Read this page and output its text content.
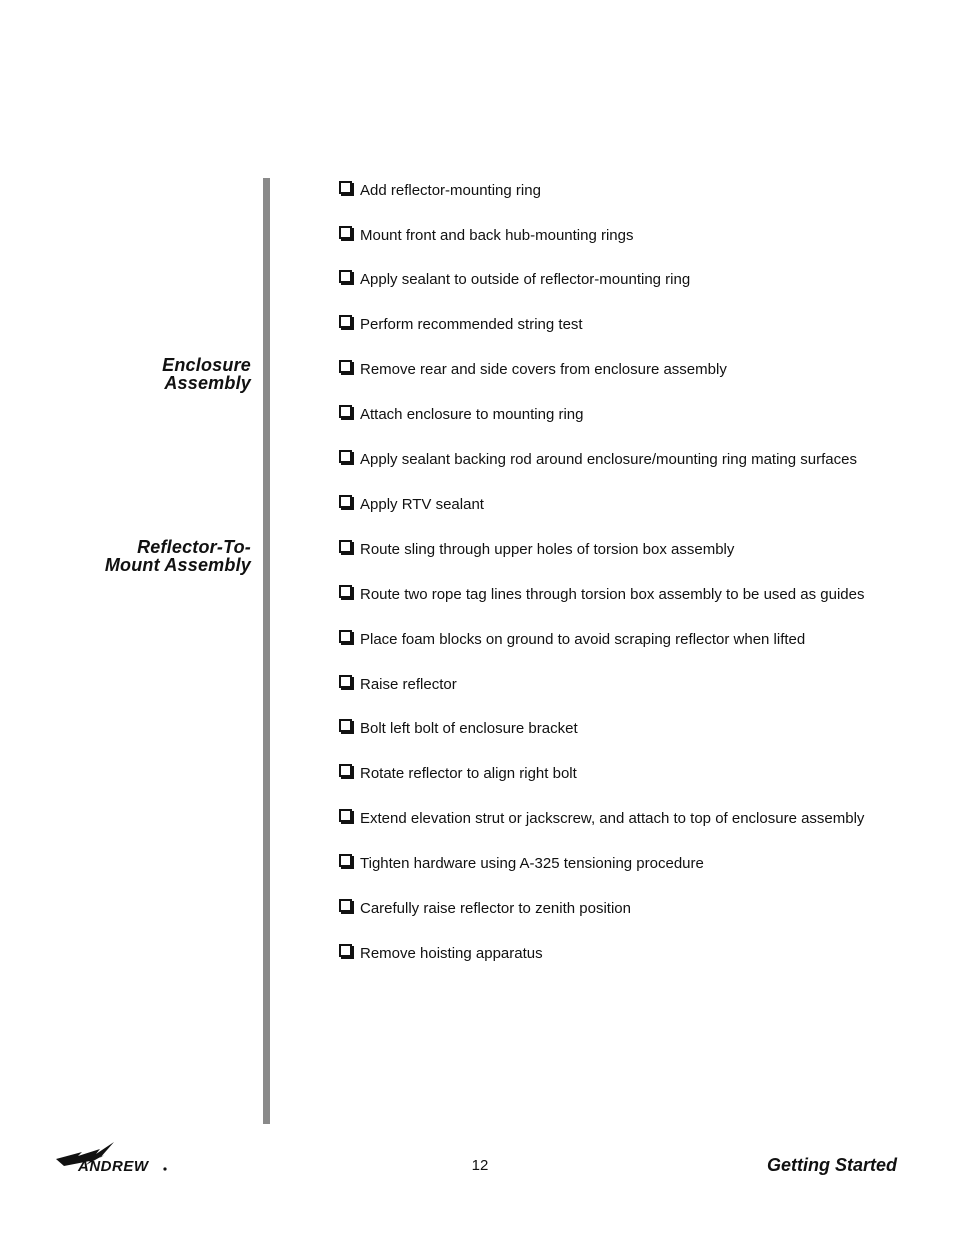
Enclosure
Assembly
Reflector-To-
Mount Assembly
Add reflector-mounting ring
Mount front and back hub-mounting rings
Apply sealant to outside of reflector-mounting ring
Perform recommended string test
Remove rear and side covers from enclosure assembly
Attach enclosure to mounting ring
Apply sealant backing rod around enclosure/mounting ring mating surfaces
Apply RTV sealant
Route sling through upper holes of torsion box assembly
Route two rope tag lines through torsion box assembly to be used as guides
Place foam blocks on ground to avoid scraping reflector when lifted
Raise reflector
Bolt left bolt of enclosure bracket
Rotate reflector to align right bolt
Extend elevation strut or jackscrew, and attach to top of enclosure assembly
Tighten hardware using A-325 tensioning procedure
Carefully raise reflector to zenith position
Remove hoisting apparatus
ANDREW	12	Getting Started
